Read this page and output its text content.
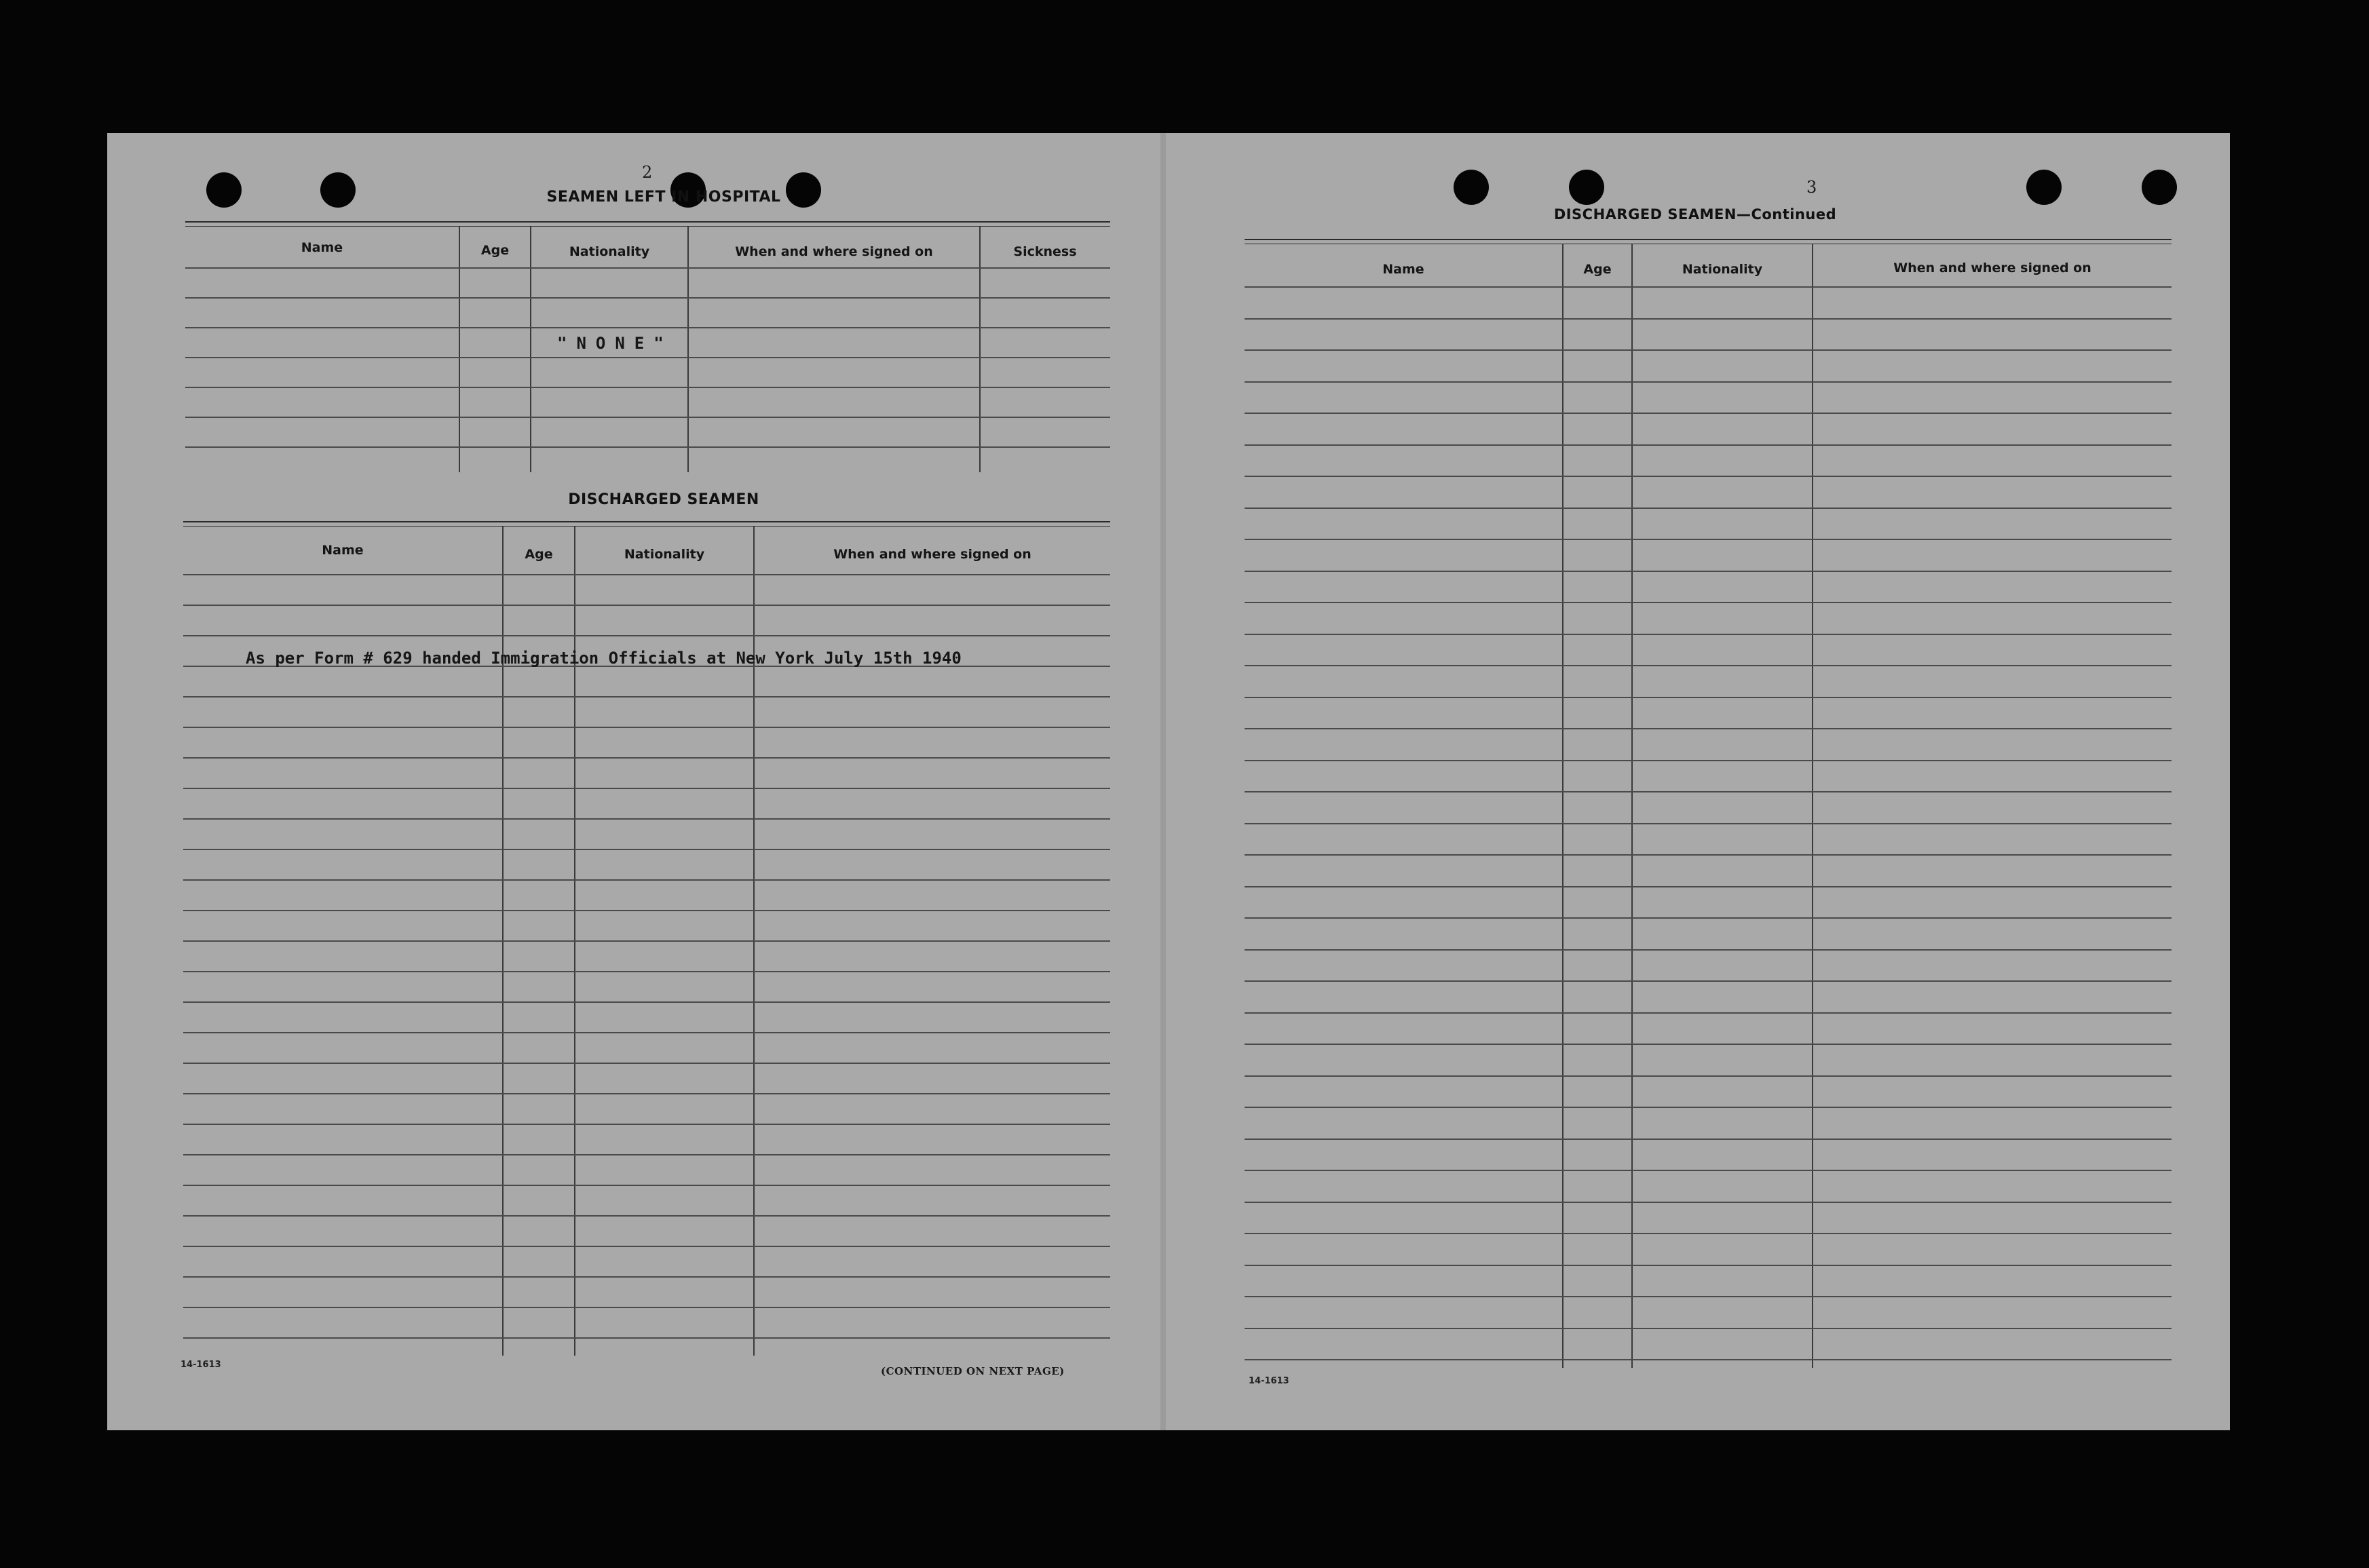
2
SEAMEN LEFT IN HOSPITAL
Name	Age	Nationality	When and where signed on	Sickness
"NONE"
DISCHARGED SEAMEN
Name	Age	Nationality	When and where signed on
As per Form # 629 handed Immigration Officials at New York July 15th 1940
14-1613
(CONTINUED ON NEXT PAGE)
3
DISCHARGED SEAMEN—Continued
Name	Age	Nationality	When and where signed on
14-1613
